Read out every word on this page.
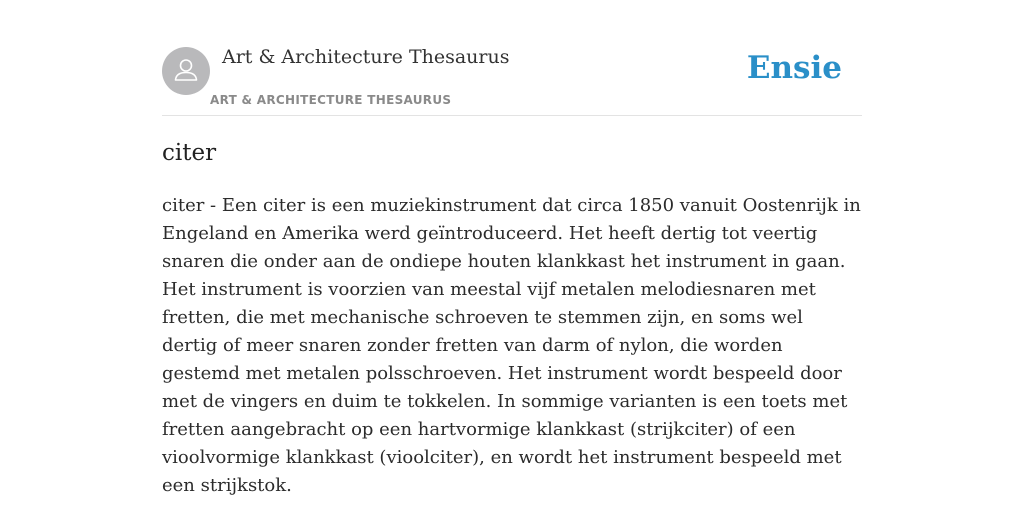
Art & Architecture Thesaurus
ART & ARCHITECTURE THESAURUS
Ensie
citer

citer - Een citer is een muziekinstrument dat circa 1850 vanuit Oostenrijk in Engeland en Amerika werd geïntroduceerd. Het heeft dertig tot veertig snaren die onder aan de ondiepe houten klankkast het instrument in gaan. Het instrument is voorzien van meestal vijf metalen melodiesnaren met fretten, die met mechanische schroeven te stemmen zijn, en soms wel dertig of meer snaren zonder fretten van darm of nylon, die worden gestemd met metalen polsschroeven. Het instrument wordt bespeeld door met de vingers en duim te tokkelen. In sommige varianten is een toets met fretten aangebracht op een hartvormige klankkast (strijkciter) of een vioolvormige klankkast (vioolciter), en wordt het instrument bespeeld met een strijkstok.
